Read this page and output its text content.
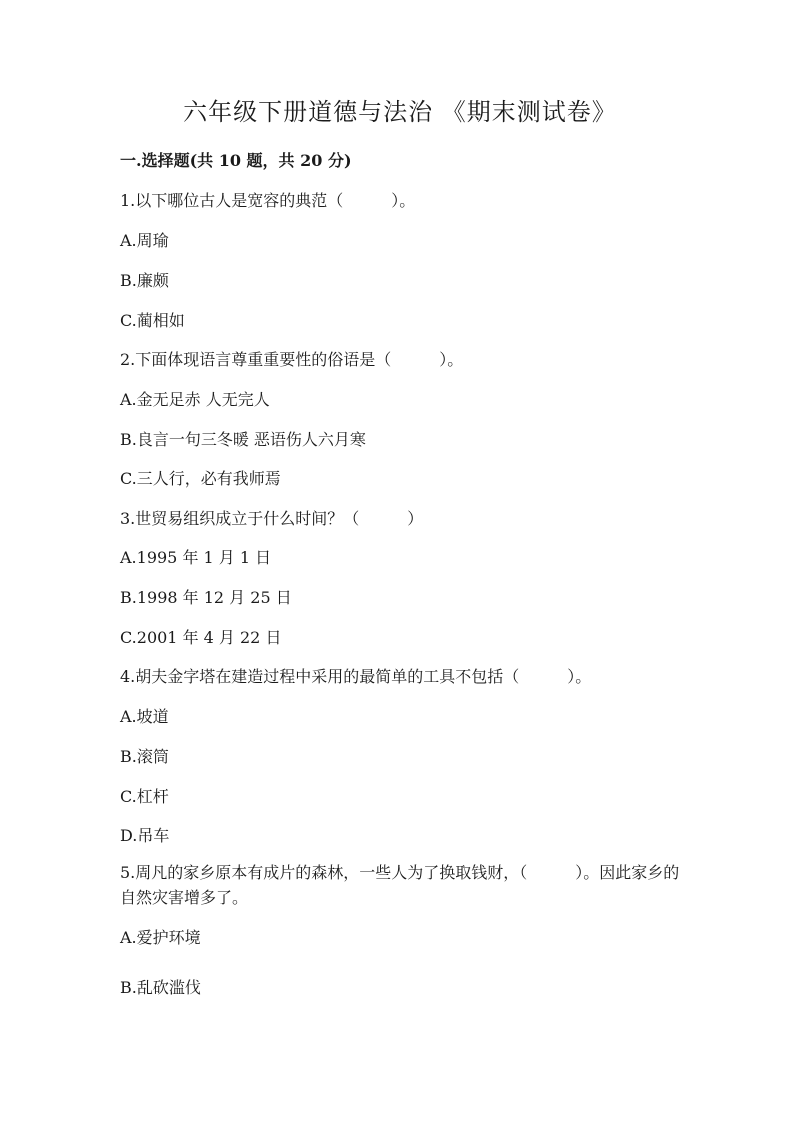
六年级下册道德与法治 《期末测试卷》
一.选择题(共 10 题，共 20 分)
1.以下哪位古人是宽容的典范（　　　）。
A.周瑜
B.廉颇
C.蔺相如
2.下面体现语言尊重重要性的俗语是（　　　）。
A.金无足赤 人无完人
B.良言一句三冬暖 恶语伤人六月寒
C.三人行，必有我师焉
3.世贸易组织成立于什么时间？（　　　）
A.1995 年 1 月 1 日
B.1998 年 12 月 25 日
C.2001 年 4 月 22 日
4.胡夫金字塔在建造过程中采用的最简单的工具不包括（　　　）。
A.坡道
B.滚筒
C.杠杆
D.吊车
5.周凡的家乡原本有成片的森林，一些人为了换取钱财，（　　　）。因此家乡的自然灾害增多了。
A.爱护环境
B.乱砍滥伐
